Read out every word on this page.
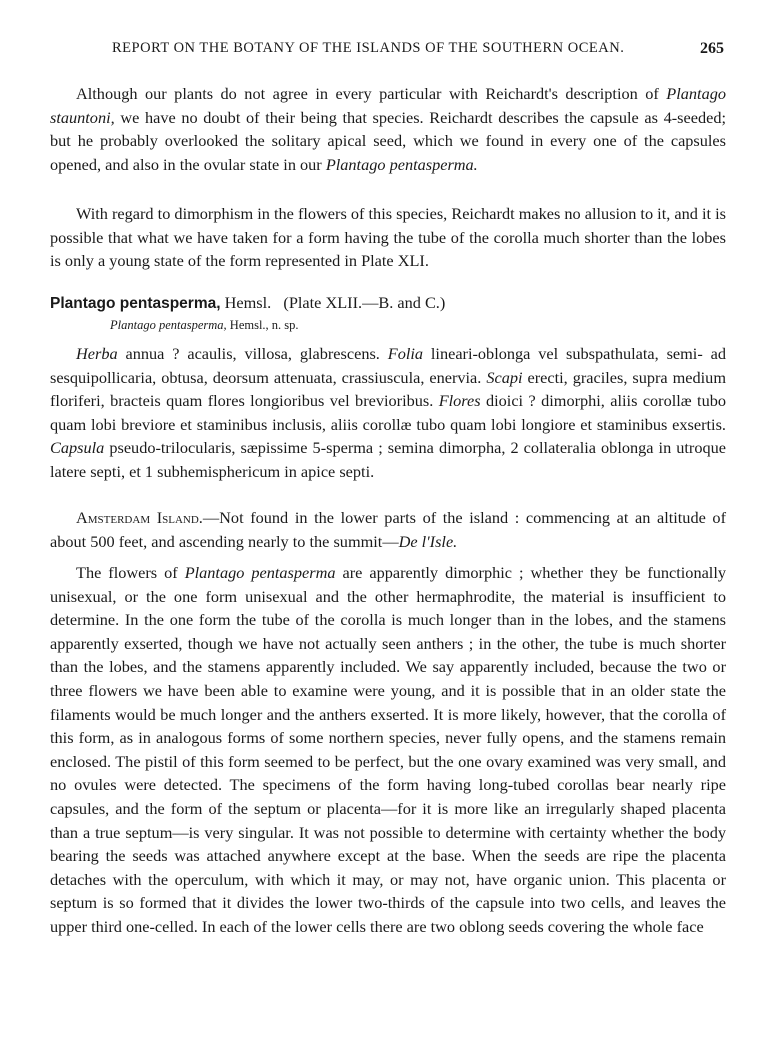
REPORT ON THE BOTANY OF THE ISLANDS OF THE SOUTHERN OCEAN.	265
Although our plants do not agree in every particular with Reichardt's description of Plantago stauntoni, we have no doubt of their being that species. Reichardt describes the capsule as 4-seeded; but he probably overlooked the solitary apical seed, which we found in every one of the capsules opened, and also in the ovular state in our Plantago pentasperma.
With regard to dimorphism in the flowers of this species, Reichardt makes no allusion to it, and it is possible that what we have taken for a form having the tube of the corolla much shorter than the lobes is only a young state of the form represented in Plate XLI.
Plantago pentasperma, Hemsl. (Plate XLII.—B. and C.)
Plantago pentasperma, Hemsl., n. sp.
Herba annua ? acaulis, villosa, glabrescens. Folia lineari-oblonga vel subspathulata, semi- ad sesquipollicaria, obtusa, deorsum attenuata, crassiuscula, enervia. Scapi erecti, graciles, supra medium floriferi, bracteis quam flores longioribus vel brevioribus. Flores dioici ? dimorphi, aliis corollæ tubo quam lobi breviore et staminibus inclusis, aliis corollæ tubo quam lobi longiore et staminibus exsertis. Capsula pseudo-trilocularis, sæpissime 5-sperma ; semina dimorpha, 2 collateralia oblonga in utroque latere septi, et 1 subhemisphericum in apice septi.
Amsterdam Island.—Not found in the lower parts of the island : commencing at an altitude of about 500 feet, and ascending nearly to the summit—De l'Isle.
The flowers of Plantago pentasperma are apparently dimorphic ; whether they be functionally unisexual, or the one form unisexual and the other hermaphrodite, the material is insufficient to determine. In the one form the tube of the corolla is much longer than in the lobes, and the stamens apparently exserted, though we have not actually seen anthers ; in the other, the tube is much shorter than the lobes, and the stamens apparently included. We say apparently included, because the two or three flowers we have been able to examine were young, and it is possible that in an older state the filaments would be much longer and the anthers exserted. It is more likely, however, that the corolla of this form, as in analogous forms of some northern species, never fully opens, and the stamens remain enclosed. The pistil of this form seemed to be perfect, but the one ovary examined was very small, and no ovules were detected. The specimens of the form having long-tubed corollas bear nearly ripe capsules, and the form of the septum or placenta—for it is more like an irregularly shaped placenta than a true septum—is very singular. It was not possible to determine with certainty whether the body bearing the seeds was attached anywhere except at the base. When the seeds are ripe the placenta detaches with the operculum, with which it may, or may not, have organic union. This placenta or septum is so formed that it divides the lower two-thirds of the capsule into two cells, and leaves the upper third one-celled. In each of the lower cells there are two oblong seeds covering the whole face
